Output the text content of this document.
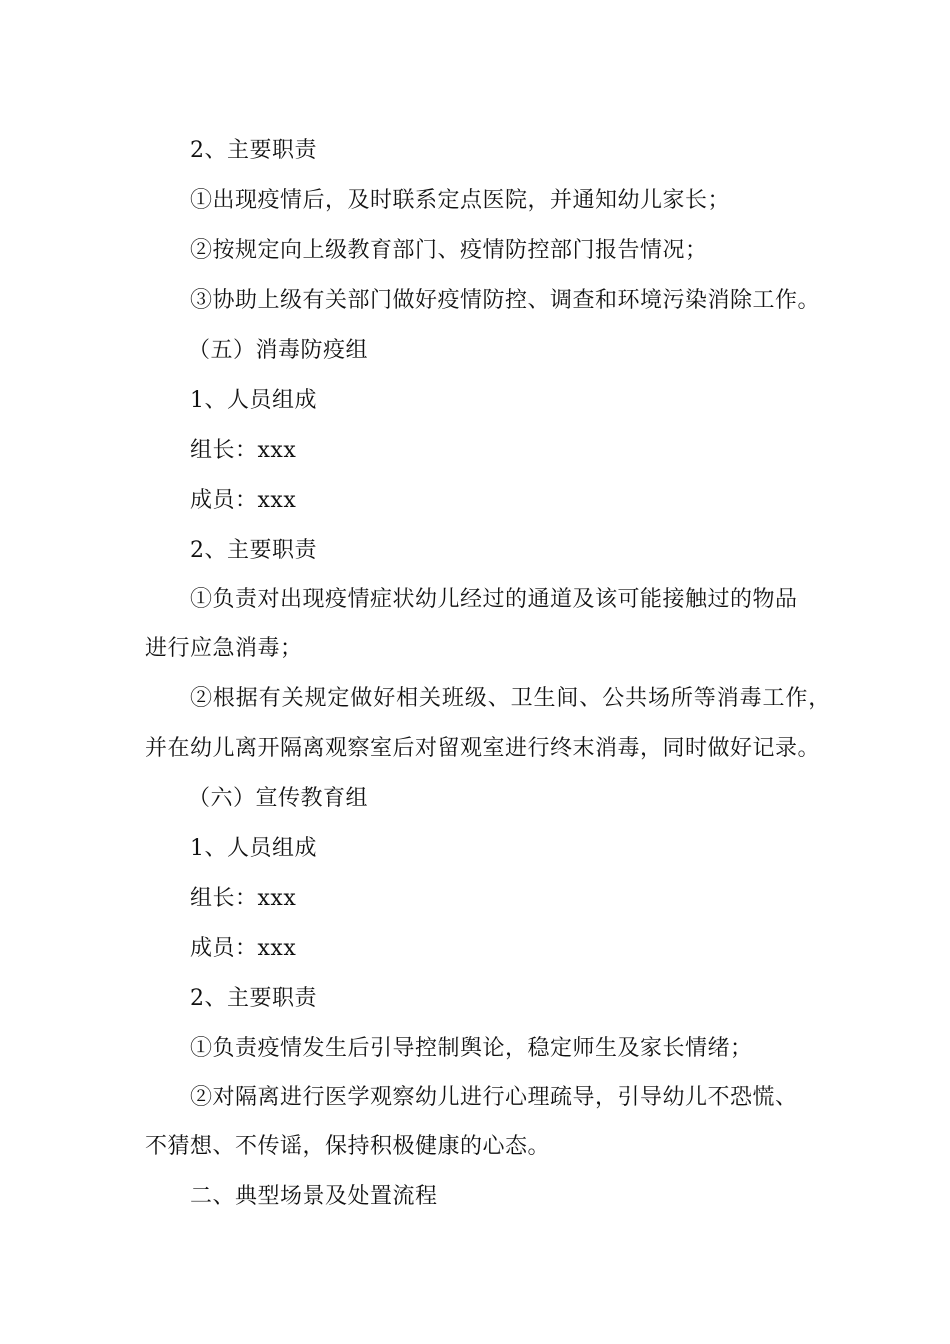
2、主要职责
①出现疫情后，及时联系定点医院，并通知幼儿家长；
②按规定向上级教育部门、疫情防控部门报告情况；
③协助上级有关部门做好疫情防控、调查和环境污染消除工作。
（五）消毒防疫组
1、人员组成
组长：xxx
成员：xxx
2、主要职责
①负责对出现疫情症状幼儿经过的通道及该可能接触过的物品
进行应急消毒；
②根据有关规定做好相关班级、卫生间、公共场所等消毒工作，
并在幼儿离开隔离观察室后对留观室进行终末消毒，同时做好记录。
（六）宣传教育组
1、人员组成
组长：xxx
成员：xxx
2、主要职责
①负责疫情发生后引导控制舆论，稳定师生及家长情绪；
②对隔离进行医学观察幼儿进行心理疏导，引导幼儿不恐慌、
不猜想、不传谣，保持积极健康的心态。
二、典型场景及处置流程
